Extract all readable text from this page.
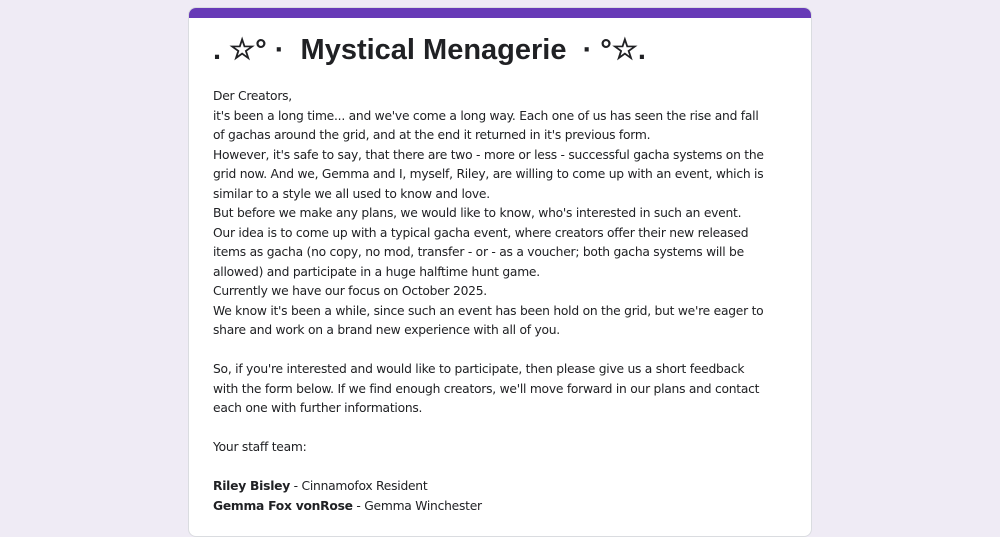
. ☆° ·  Mystical Menagerie  · °☆.

Der Creators,

it's been a long time... and we've come a long way. Each one of us has seen the rise and fall

of gachas around the grid, and at the end it returned in it's previous form.

However, it's safe to say, that there are two - more or less - successful gacha systems on the

grid now. And we, Gemma and I, myself, Riley, are willing to come up with an event, which is

similar to a style we all used to know and love.

But before we make any plans, we would like to know, who's interested in such an event.

Our idea is to come up with a typical gacha event, where creators offer their new released

items as gacha (no copy, no mod, transfer - or - as a voucher; both gacha systems will be

allowed) and participate in a huge halftime hunt game.

Currently we have our focus on October 2025.

We know it's been a while, since such an event has been hold on the grid, but we're eager to

share and work on a brand new experience with all of you.

So, if you're interested and would like to participate, then please give us a short feedback

with the form below. If we find enough creators, we'll move forward in our plans and contact

each one with further informations.

Your staff team:

Riley Bisley - Cinnamofox Resident

Gemma Fox vonRose - Gemma Winchester
